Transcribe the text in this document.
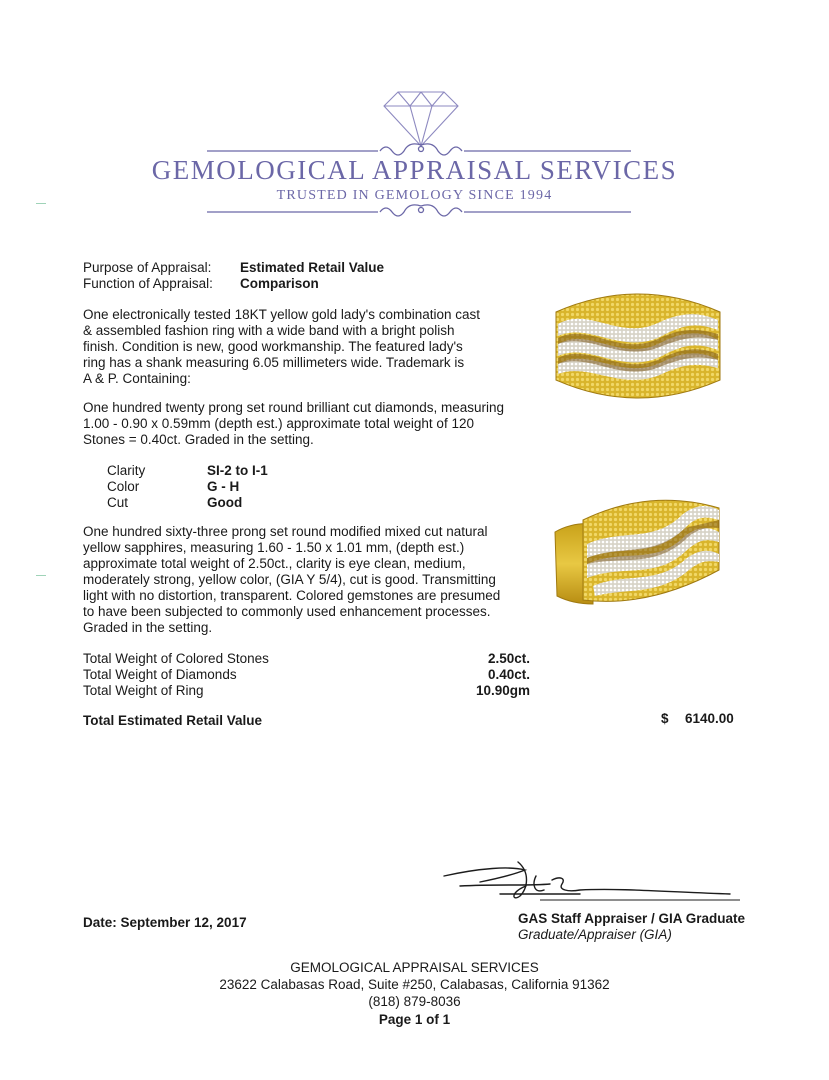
GEMOLOGICAL APPRAISAL SERVICES
TRUSTED IN GEMOLOGY SINCE 1994
Purpose of Appraisal: Estimated Retail Value
Function of Appraisal: Comparison
One electronically tested 18KT yellow gold lady's combination cast
& assembled fashion ring with a wide band with a bright polish
finish. Condition is new, good workmanship. The featured lady's
ring has a shank measuring 6.05 millimeters wide. Trademark is
A & P. Containing:
One hundred twenty prong set round brilliant cut diamonds, measuring
1.00 - 0.90 x 0.59mm (depth est.) approximate total weight of 120
Stones = 0.40ct. Graded in the setting.
Clarity	SI-2 to I-1
Color	G - H
Cut	Good
One hundred sixty-three prong set round modified mixed cut natural
yellow sapphires, measuring 1.60 - 1.50 x 1.01 mm, (depth est.)
approximate total weight of 2.50ct., clarity is eye clean, medium,
moderately strong, yellow color, (GIA Y 5/4), cut is good. Transmitting
light with no distortion, transparent. Colored gemstones are presumed
to have been subjected to commonly used enhancement processes.
Graded in the setting.
Total Weight of Colored Stones	2.50ct.
Total Weight of Diamonds	0.40ct.
Total Weight of Ring	10.90gm
Total Estimated Retail Value	$ 6140.00
Date: September 12, 2017	GAS Staff Appraiser / GIA Graduate
Graduate/Appraiser (GIA)
GEMOLOGICAL APPRAISAL SERVICES
23622 Calabasas Road, Suite #250, Calabasas, California 91362
(818) 879-8036
Page 1 of 1
